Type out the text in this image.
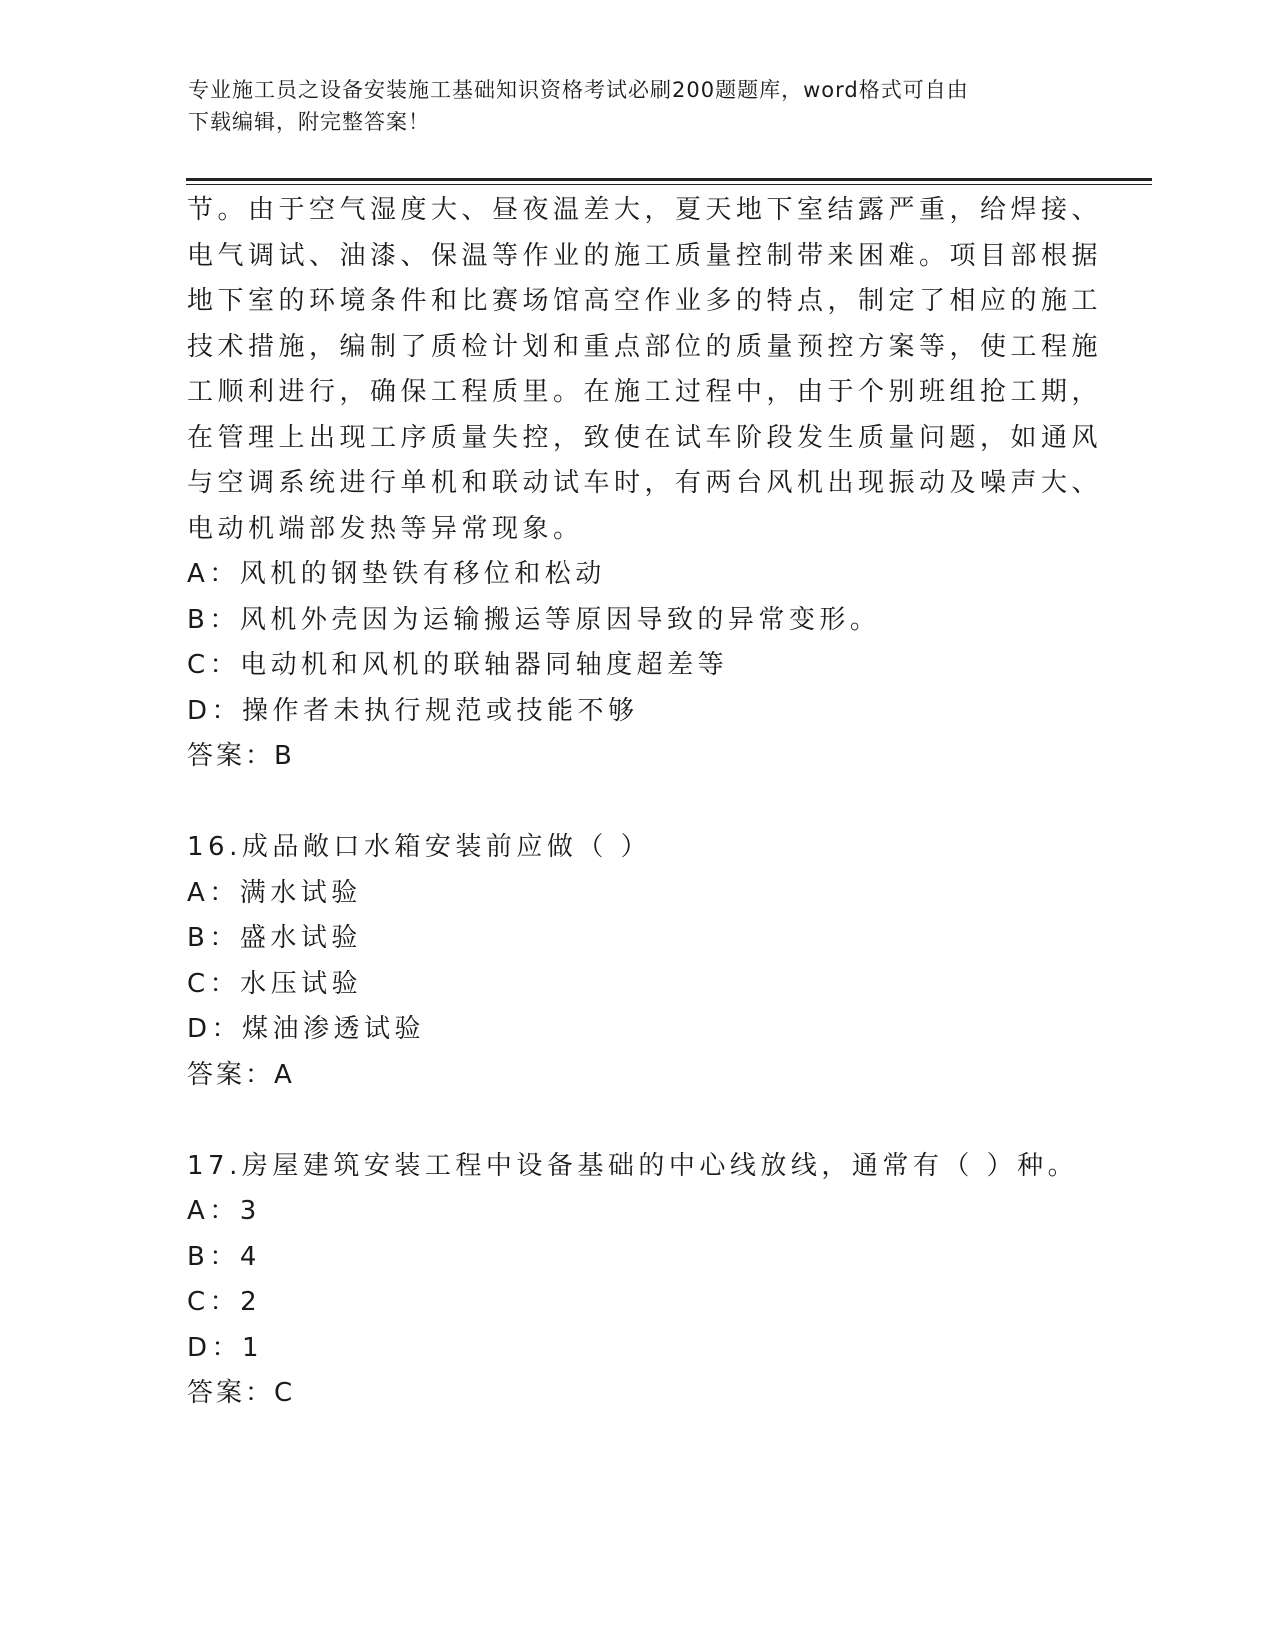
专业施工员之设备安装施工基础知识资格考试必刷200题题库，word格式可自由
下载编辑，附完整答案！
节。由于空气湿度大、昼夜温差大，夏天地下室结露严重，给焊接、
电气调试、油漆、保温等作业的施工质量控制带来困难。项目部根据
地下室的环境条件和比赛场馆高空作业多的特点，制定了相应的施工
技术措施，编制了质检计划和重点部位的质量预控方案等，使工程施
工顺利进行，确保工程质里。在施工过程中，由于个别班组抢工期，
在管理上出现工序质量失控，致使在试车阶段发生质量问题，如通风
与空调系统进行单机和联动试车时，有两台风机出现振动及噪声大、
电动机端部发热等异常现象。
A：风机的钢垫铁有移位和松动
B：风机外壳因为运输搬运等原因导致的异常变形。
C：电动机和风机的联轴器同轴度超差等
D：操作者未执行规范或技能不够
答案：B
16.成品敞口水箱安装前应做（ ）
A：满水试验
B：盛水试验
C：水压试验
D：煤油渗透试验
答案：A
17.房屋建筑安装工程中设备基础的中心线放线，通常有（ ）种。
A：3
B：4
C：2
D：1
答案：C
